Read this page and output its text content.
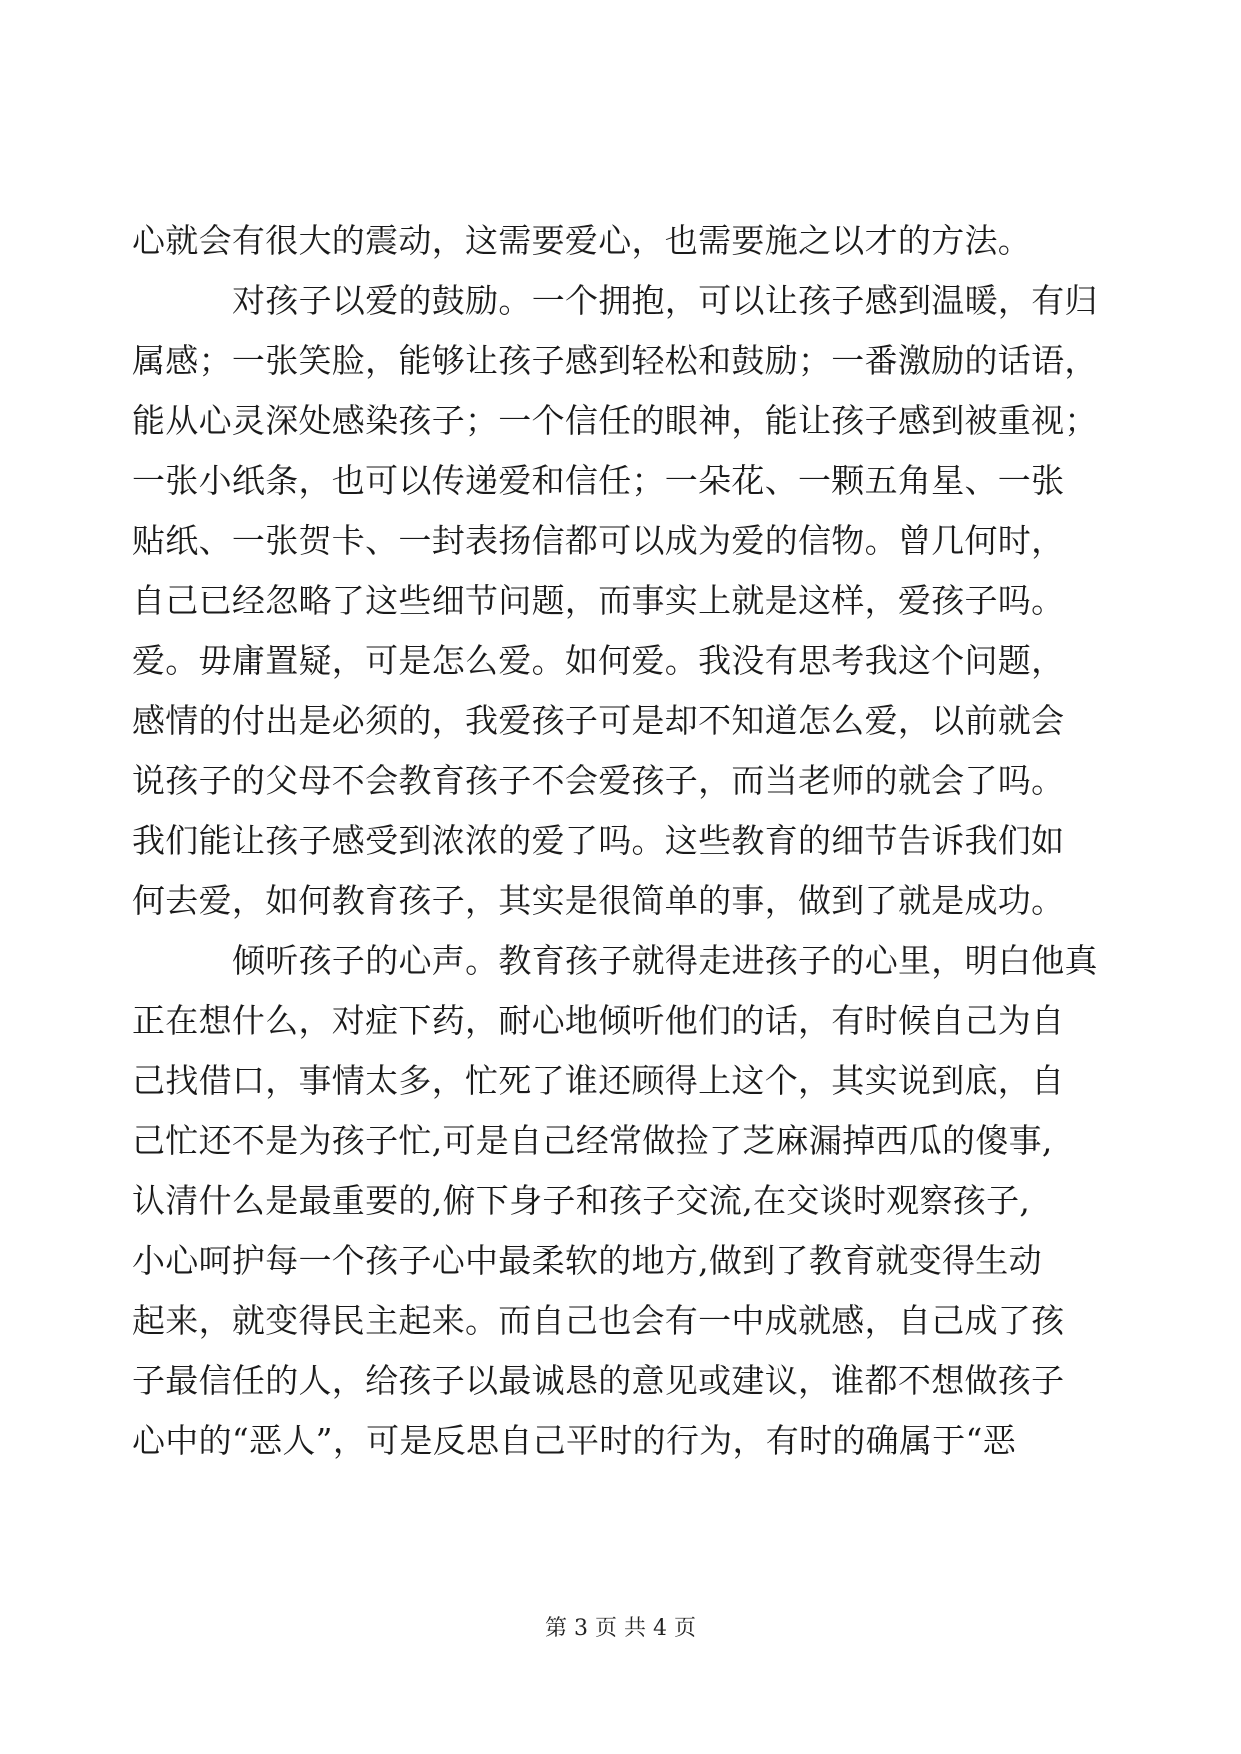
心就会有很大的震动，这需要爱心，也需要施之以才的方法。
对孩子以爱的鼓励。一个拥抱，可以让孩子感到温暖，有归
属感；一张笑脸，能够让孩子感到轻松和鼓励；一番激励的话语，
能从心灵深处感染孩子；一个信任的眼神，能让孩子感到被重视；
一张小纸条，也可以传递爱和信任；一朵花、一颗五角星、一张
贴纸、一张贺卡、一封表扬信都可以成为爱的信物。曾几何时，
自己已经忽略了这些细节问题，而事实上就是这样，爱孩子吗。
爱。毋庸置疑，可是怎么爱。如何爱。我没有思考我这个问题，
感情的付出是必须的，我爱孩子可是却不知道怎么爱，以前就会
说孩子的父母不会教育孩子不会爱孩子，而当老师的就会了吗。
我们能让孩子感受到浓浓的爱了吗。这些教育的细节告诉我们如
何去爱，如何教育孩子，其实是很简单的事，做到了就是成功。
倾听孩子的心声。教育孩子就得走进孩子的心里，明白他真
正在想什么，对症下药，耐心地倾听他们的话，有时候自己为自
己找借口，事情太多，忙死了谁还顾得上这个，其实说到底，自
己忙还不是为孩子忙,可是自己经常做捡了芝麻漏掉西瓜的傻事,
认清什么是最重要的,俯下身子和孩子交流,在交谈时观察孩子,
小心呵护每一个孩子心中最柔软的地方,做到了教育就变得生动
起来，就变得民主起来。而自己也会有一中成就感，自己成了孩
子最信任的人，给孩子以最诚恳的意见或建议，谁都不想做孩子
心中的“恶人”，可是反思自己平时的行为，有时的确属于“恶
第 3 页 共 4 页
